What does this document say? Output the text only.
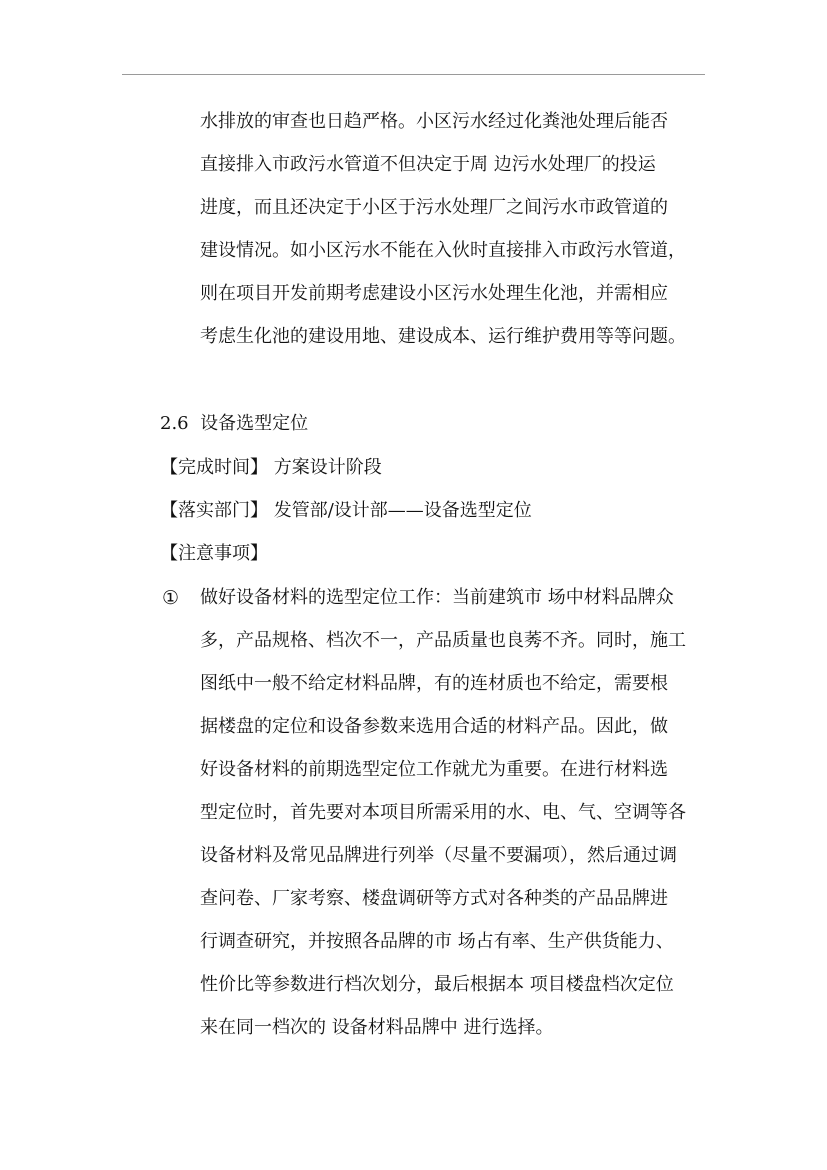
水排放的审查也日趋严格。小区污水经过化粪池处理后能否
直接排入市政污水管道不但决定于周 边污水处理厂的投运
进度，而且还决定于小区于污水处理厂之间污水市政管道的
建设情况。如小区污水不能在入伙时直接排入市政污水管道，
则在项目开发前期考虑建设小区污水处理生化池，并需相应
考虑生化池的建设用地、建设成本、运行维护费用等等问题。
2.6 设备选型定位
【完成时间】 方案设计阶段
【落实部门】 发管部/设计部——设备选型定位
【注意事项】
① 做好设备材料的选型定位工作：当前建筑市 场中材料品牌众
多，产品规格、档次不一，产品质量也良莠不齐。同时，施工
图纸中一般不给定材料品牌，有的连材质也不给定，需要根
据楼盘的定位和设备参数来选用合适的材料产品。因此，做
好设备材料的前期选型定位工作就尤为重要。在进行材料选
型定位时，首先要对本项目所需采用的水、电、气、空调等各
设备材料及常见品牌进行列举（尽量不要漏项），然后通过调
查问卷、厂家考察、楼盘调研等方式对各种类的产品品牌进
行调查研究，并按照各品牌的市 场占有率、生产供货能力、
性价比等参数进行档次划分，最后根据本 项目楼盘档次定位
来在同一档次的 设备材料品牌中 进行选择。
